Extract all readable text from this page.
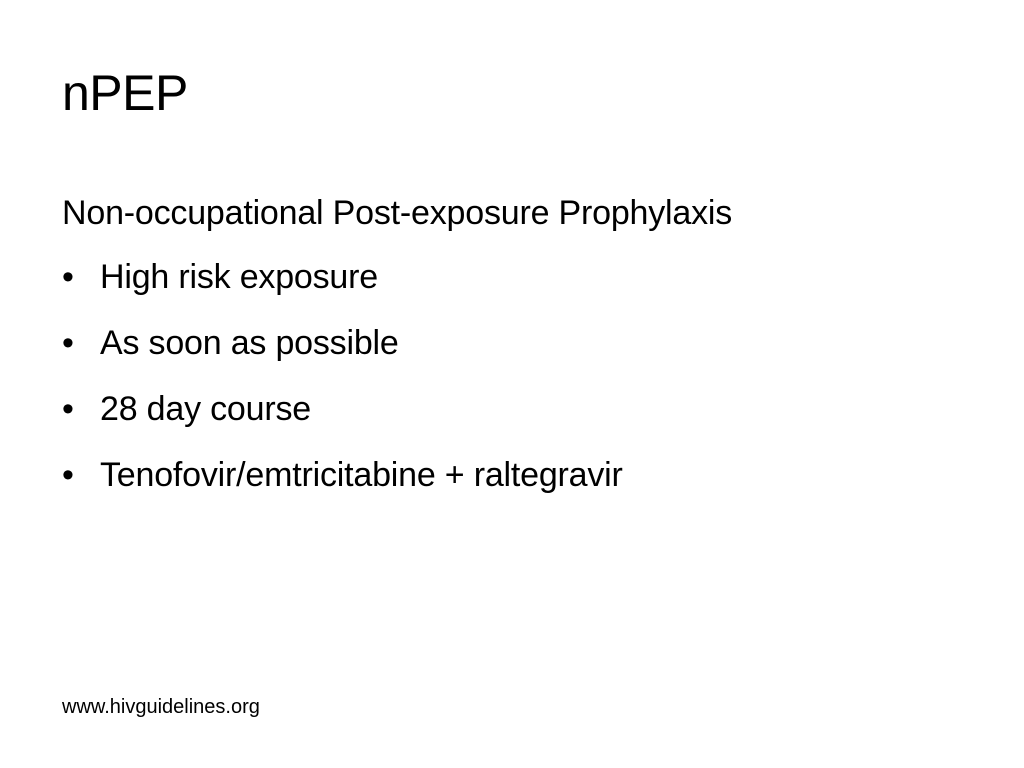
nPEP

Non-occupational Post-exposure Prophylaxis

• High risk exposure
• As soon as possible
• 28 day course
• Tenofovir/emtricitabine + raltegravir
www.hivguidelines.org
